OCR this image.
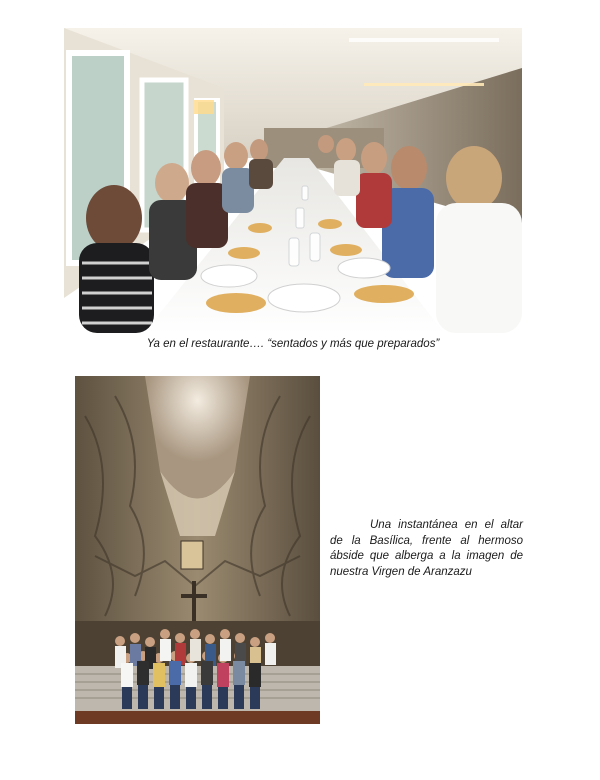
Ya en el restaurante…. “sentados y más que preparados”
Una instantánea en el altar de la Basílica, frente al hermoso ábside que alberga a la imagen de nuestra Virgen de Aranzazu
